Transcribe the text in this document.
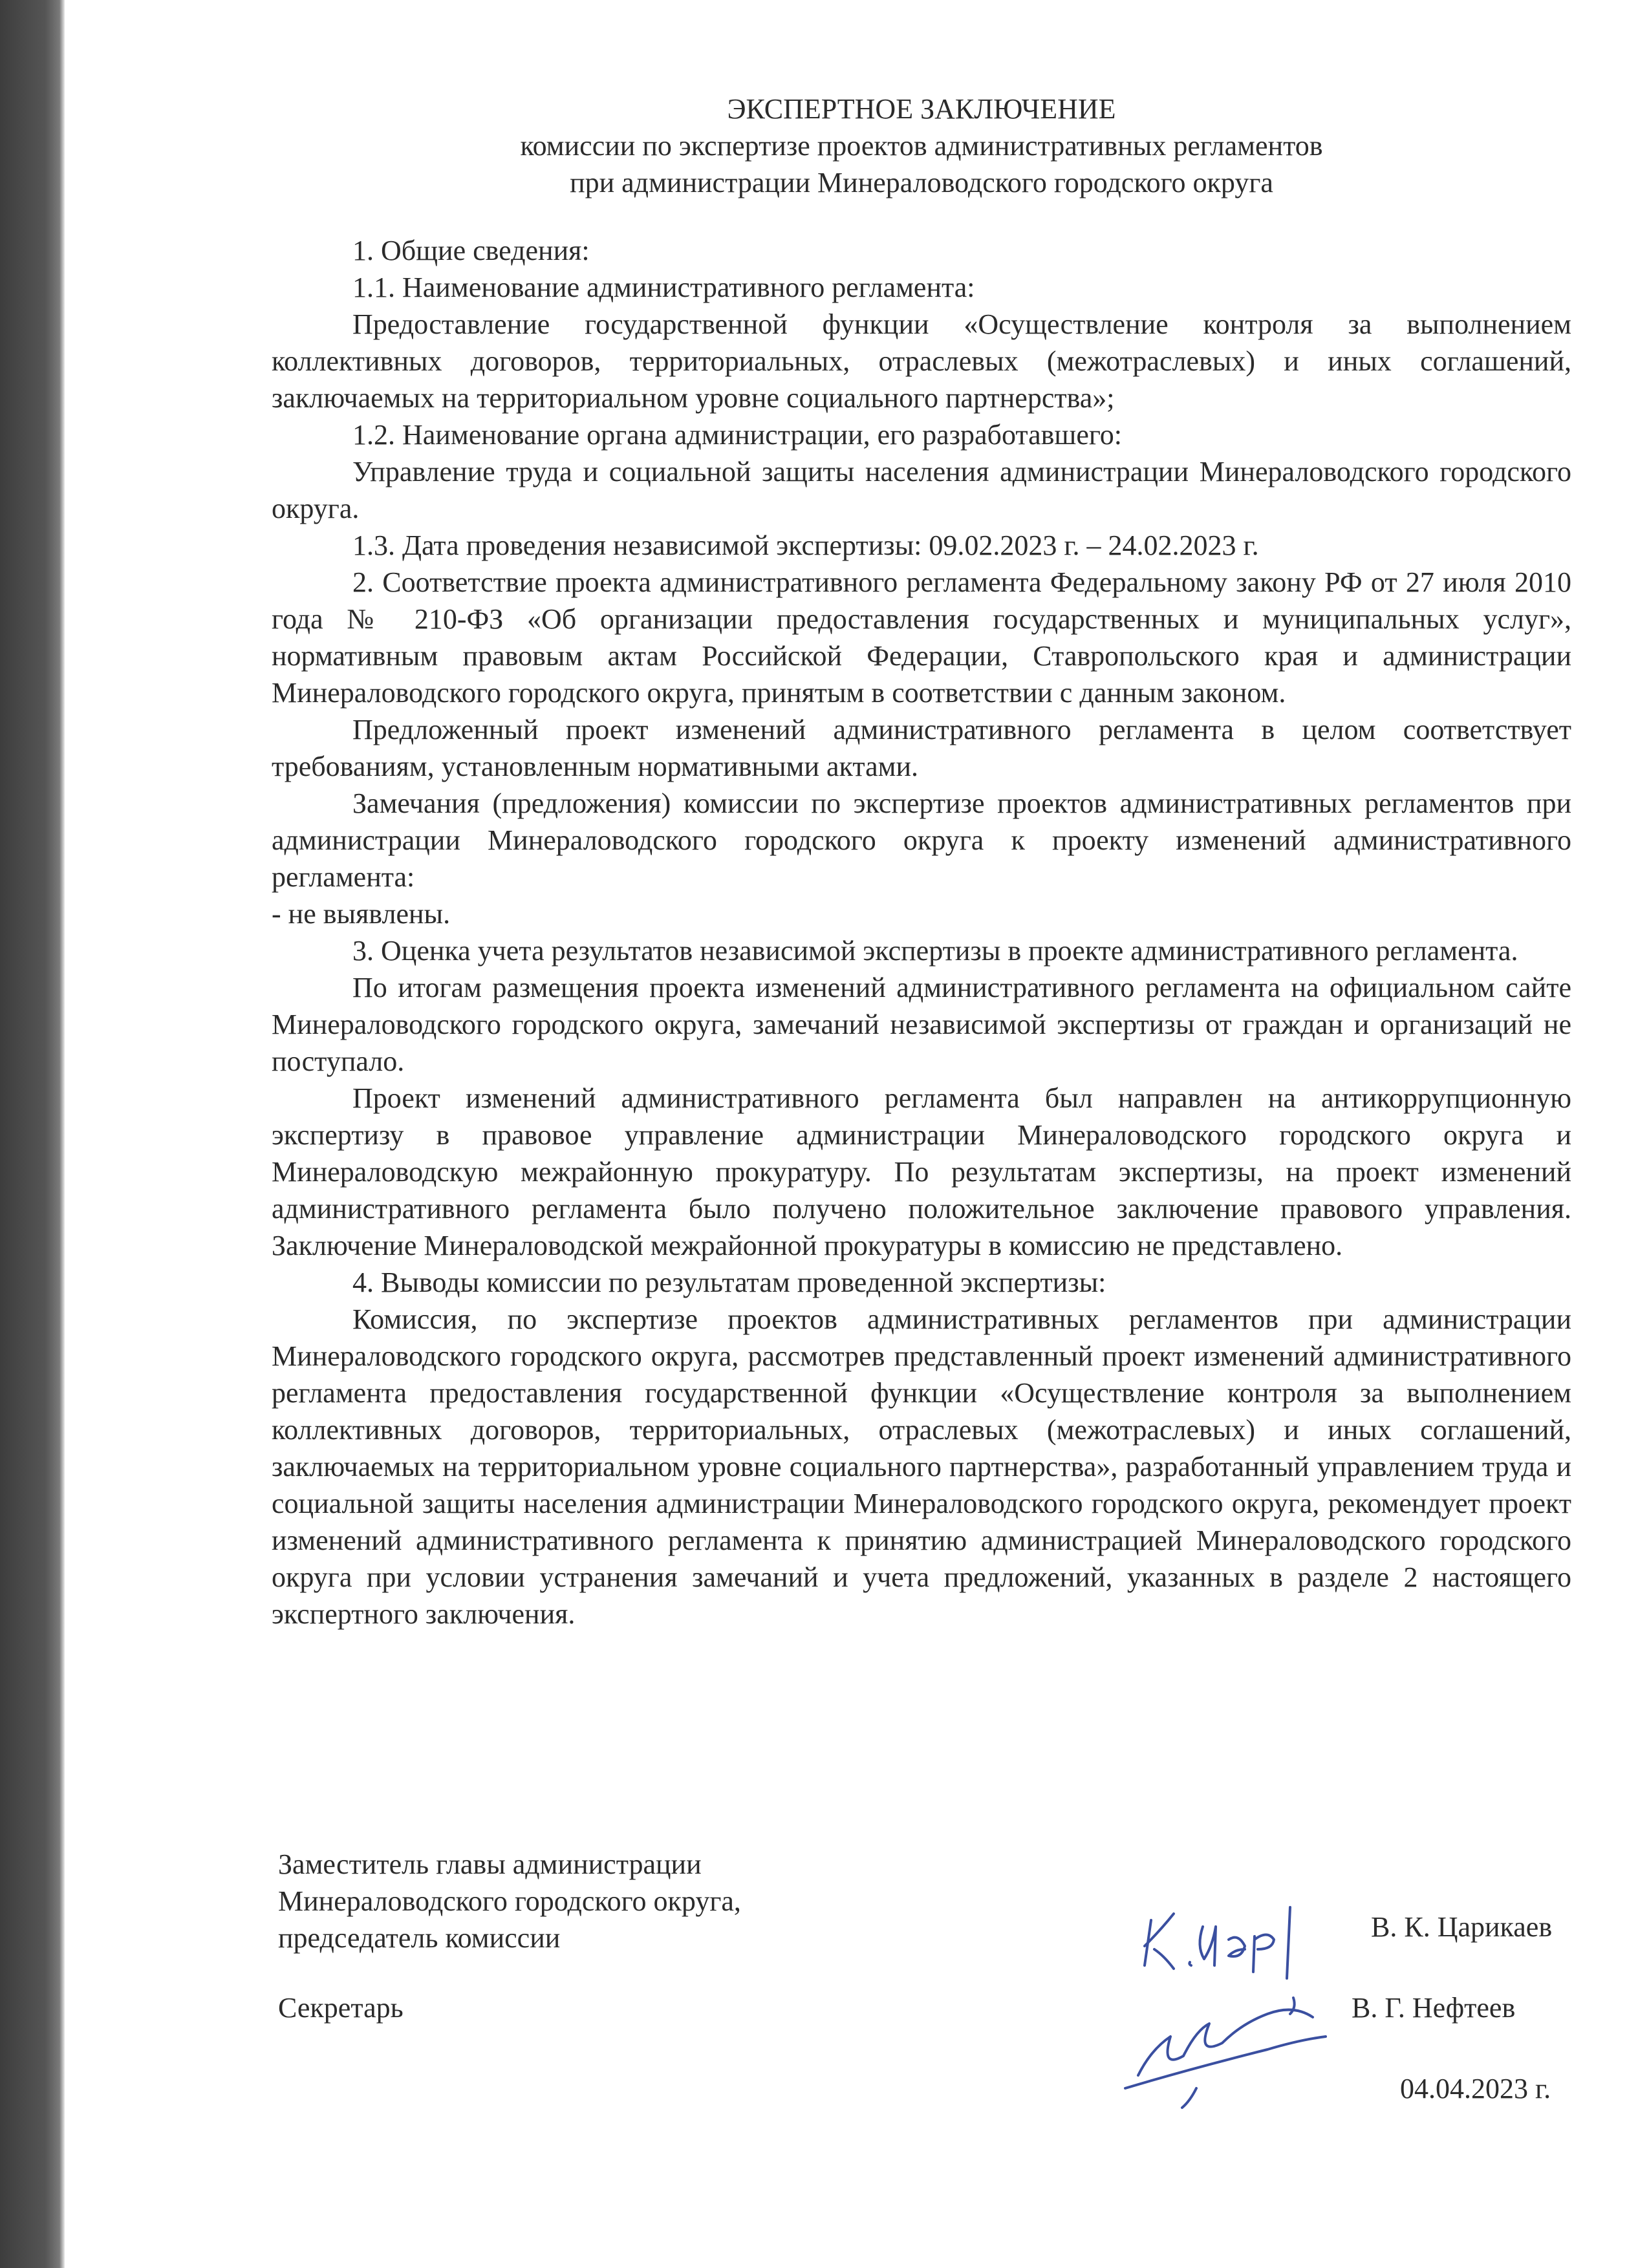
ЭКСПЕРТНОЕ ЗАКЛЮЧЕНИЕ
комиссии по экспертизе проектов административных регламентов
при администрации Минераловодского городского округа

1. Общие сведения:

1.1. Наименование административного регламента:

Предоставление государственной функции «Осуществление контроля за выполнением коллективных договоров, территориальных, отраслевых (межотраслевых) и иных соглашений, заключаемых на территориальном уровне социального партнерства»;

1.2. Наименование органа администрации, его разработавшего:

Управление труда и социальной защиты населения администрации Минераловодского городского округа.

1.3. Дата проведения независимой экспертизы: 09.02.2023 г. – 24.02.2023 г.

2. Соответствие проекта административного регламента Федеральному закону РФ от 27 июля 2010 года № 210-ФЗ «Об организации предоставления государственных и муниципальных услуг», нормативным правовым актам Российской Федерации, Ставропольского края и администрации Минераловодского городского округа, принятым в соответствии с данным законом.

Предложенный проект изменений административного регламента в целом соответствует требованиям, установленным нормативными актами.

Замечания (предложения) комиссии по экспертизе проектов административных регламентов при администрации Минераловодского городского округа к проекту изменений административного регламента:

- не выявлены.

3. Оценка учета результатов независимой экспертизы в проекте административного регламента.

По итогам размещения проекта изменений административного регламента на официальном сайте Минераловодского городского округа, замечаний независимой экспертизы от граждан и организаций не поступало.

Проект изменений административного регламента был направлен на антикоррупционную экспертизу в правовое управление администрации Минераловодского городского округа и Минераловодскую межрайонную прокуратуру. По результатам экспертизы, на проект изменений административного регламента было получено положительное заключение правового управления. Заключение Минераловодской межрайонной прокуратуры в комиссию не представлено.

4. Выводы комиссии по результатам проведенной экспертизы:

Комиссия, по экспертизе проектов административных регламентов при администрации Минераловодского городского округа, рассмотрев представленный проект изменений административного регламента предоставления государственной функции «Осуществление контроля за выполнением коллективных договоров, территориальных, отраслевых (межотраслевых) и иных соглашений, заключаемых на территориальном уровне социального партнерства», разработанный управлением труда и социальной защиты населения администрации Минераловодского городского округа, рекомендует проект изменений административного регламента к принятию администрацией Минераловодского городского округа при условии устранения замечаний и учета предложений, указанных в разделе 2 настоящего экспертного заключения.

Заместитель главы администрации
Минераловодского городского округа,
председатель комиссии
Секретарь
В. К. Царикаев
В. Г. Нефтеев
04.04.2023 г.
